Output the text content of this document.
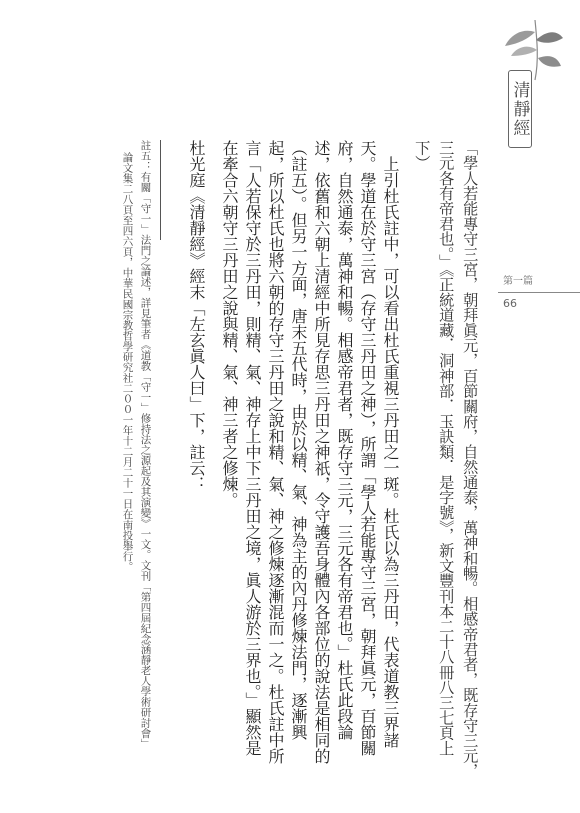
清靜經
第一篇
66
「學人若能專守三宮，朝拜眞元，百節關府，自然通泰，萬神和暢。相感帝君者，既存守三元，
三元各有帝君也。」《正統道藏．洞神部．玉訣類．是字號》，新文豐刊本二十八冊八三七頁上
下）
上引杜氏註中，可以看出杜氏重視三丹田之一斑。杜氏以為三丹田，代表道教三界諸
天。學道在於守三宮（存守三丹田之神），所謂「學人若能專守三宮，朝拜眞元，百節關
府，自然通泰，萬神和暢。相感帝君者，既存守三元，三元各有帝君也。」杜氏此段論
述，依舊和六朝上清經中所見存思三丹田之神祇，令守護吾身體內各部位的說法是相同的
（註五）。但另一方面，唐末五代時，由於以精、氣、神為主的內丹修煉法門，逐漸興
起，所以杜氏也將六朝的存守三丹田之說和精、氣、神之修煉逐漸混而一之。杜氏註中所
言「人若保守於三丹田，則精、氣、神存上中下三丹田之境，眞人游於三界也。」顯然是
在牽合六朝守三丹田之說與精、氣、神三者之修煉。
杜光庭《清靜經》經末「左玄眞人曰」下，註云：
註五：有關「守一」法門之論述，詳見筆者《道教「守一」修持法之源起及其演變》一文。文刊「第四屆紀念涵靜老人學術研討會」
論文集二八頁至四六頁，中華民國宗教哲學研究社二００一年十二月二十一日在南投舉行。
